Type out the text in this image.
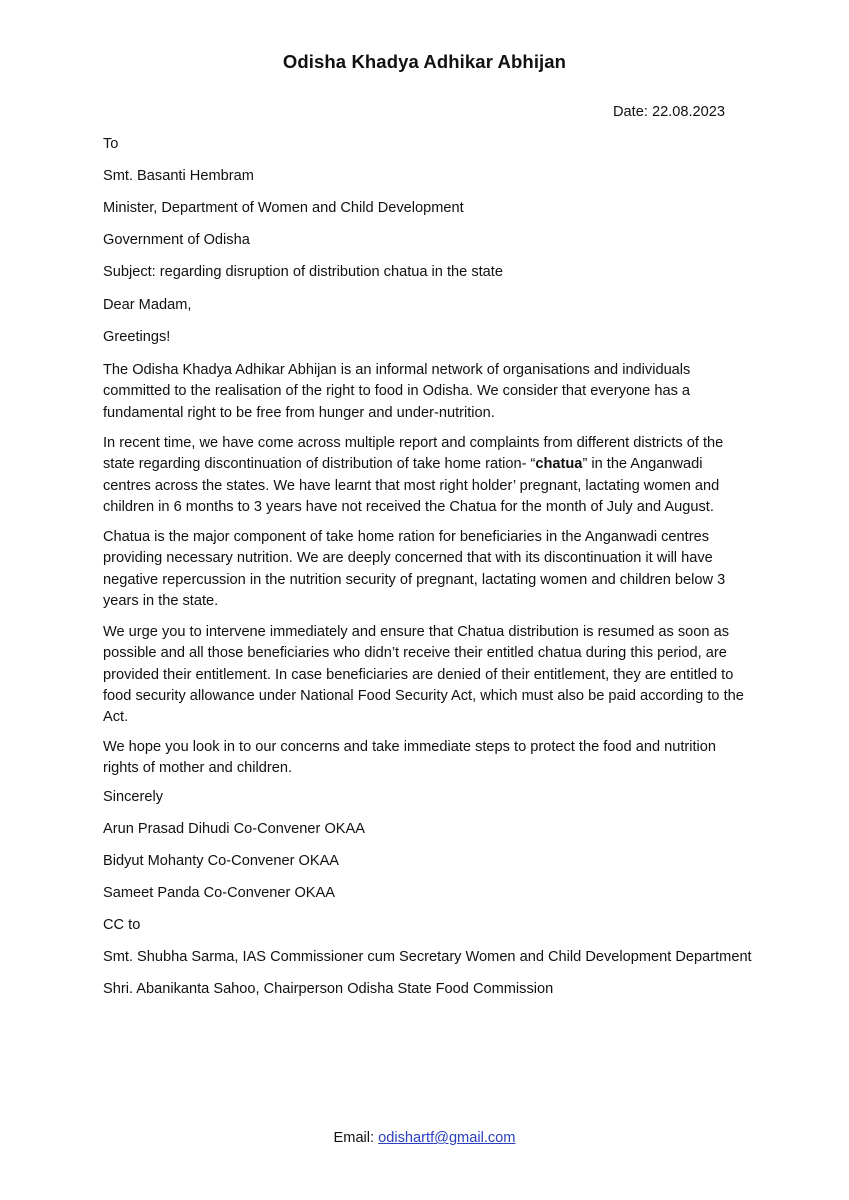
Odisha Khadya Adhikar Abhijan
Date: 22.08.2023
To
Smt. Basanti Hembram
Minister, Department of Women and Child Development
Government of Odisha
Subject: regarding disruption of distribution chatua in the state
Dear Madam,
Greetings!
The Odisha Khadya Adhikar Abhijan is an informal network of organisations and individuals committed to the realisation of the right to food in Odisha. We consider that everyone has a fundamental right to be free from hunger and under-nutrition.
In recent time, we have come across multiple report and complaints from different districts of the state regarding discontinuation of distribution of take home ration- “chatua” in the Anganwadi centres across the states. We have learnt that most right holder’ pregnant, lactating women and children in 6 months to 3 years have not received the Chatua for the month of July and August.
Chatua is the major component of take home ration for beneficiaries in the Anganwadi centres providing necessary nutrition. We are deeply concerned that with its discontinuation it will have negative repercussion in the nutrition security of pregnant, lactating women and children below 3 years in the state.
We urge you to intervene immediately and ensure that Chatua distribution is resumed as soon as possible and all those beneficiaries who didn’t receive their entitled chatua during this period, are provided their entitlement. In case beneficiaries are denied of their entitlement, they are entitled to food security allowance under National Food Security Act, which must also be paid according to the Act.
We hope you look in to our concerns and take immediate steps to protect the food and nutrition rights of mother and children.
Sincerely
Arun Prasad Dihudi Co-Convener OKAA
Bidyut Mohanty Co-Convener OKAA
Sameet Panda Co-Convener OKAA
CC to
Smt. Shubha Sarma, IAS Commissioner cum Secretary Women and Child Development Department
Shri. Abanikanta Sahoo, Chairperson Odisha State Food Commission
Email: odishartf@gmail.com
